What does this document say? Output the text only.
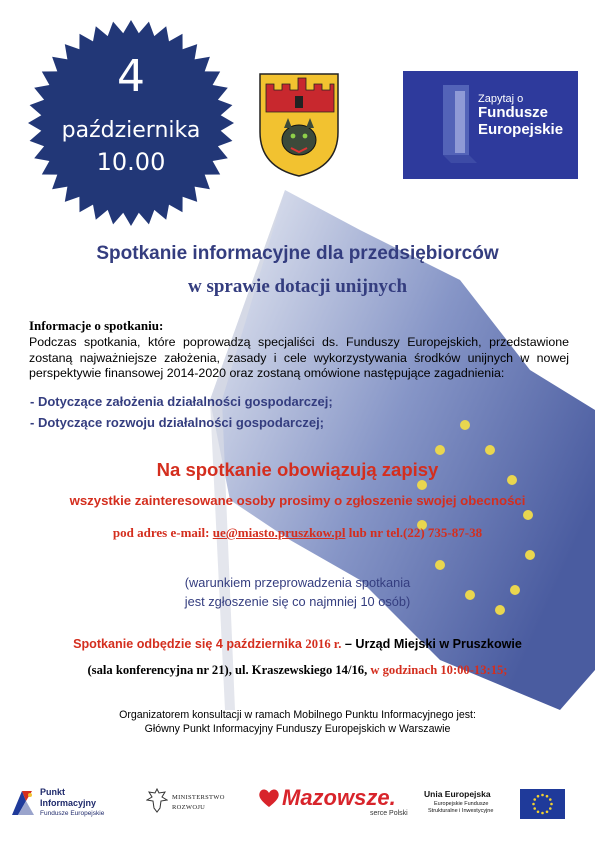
4
października
10.00
Zapytaj o
Fundusze
Europejskie
Spotkanie informacyjne dla przedsiębiorców
w sprawie dotacji unijnych
Informacje o spotkaniu:
Podczas spotkania, które poprowadzą specjaliści ds. Funduszy Europejskich, przedstawione zostaną najważniejsze założenia, zasady i cele wykorzystywania środków unijnych w nowej perspektywie finansowej 2014-2020 oraz zostaną omówione następujące zagadnienia:
- Dotyczące założenia działalności gospodarczej;
- Dotyczące rozwoju działalności gospodarczej;
Na spotkanie obowiązują zapisy
wszystkie zainteresowane osoby prosimy o zgłoszenie swojej obecności
pod adres e-mail: ue@miasto.pruszkow.pl lub nr tel.(22) 735-87-38
(warunkiem przeprowadzenia spotkania
jest zgłoszenie się co najmniej 10 osób)
Spotkanie odbędzie się 4 października 2016 r. – Urząd Miejski w Pruszkowie
(sala konferencyjna nr 21), ul. Kraszewskiego 14/16, w godzinach 10:00-13:15;
Organizatorem konsultacji w ramach Mobilnego Punktu Informacyjnego jest:
Główny Punkt Informacyjny Funduszy Europejskich w Warszawie
Punkt
Informacyjny
Fundusze Europejskie
MINISTERSTWO
ROZWOJU	Mazowsze.
serce Polski
Unia Europejska
Europejskie Fundusze
Strukturalne i Inwestycyjne
